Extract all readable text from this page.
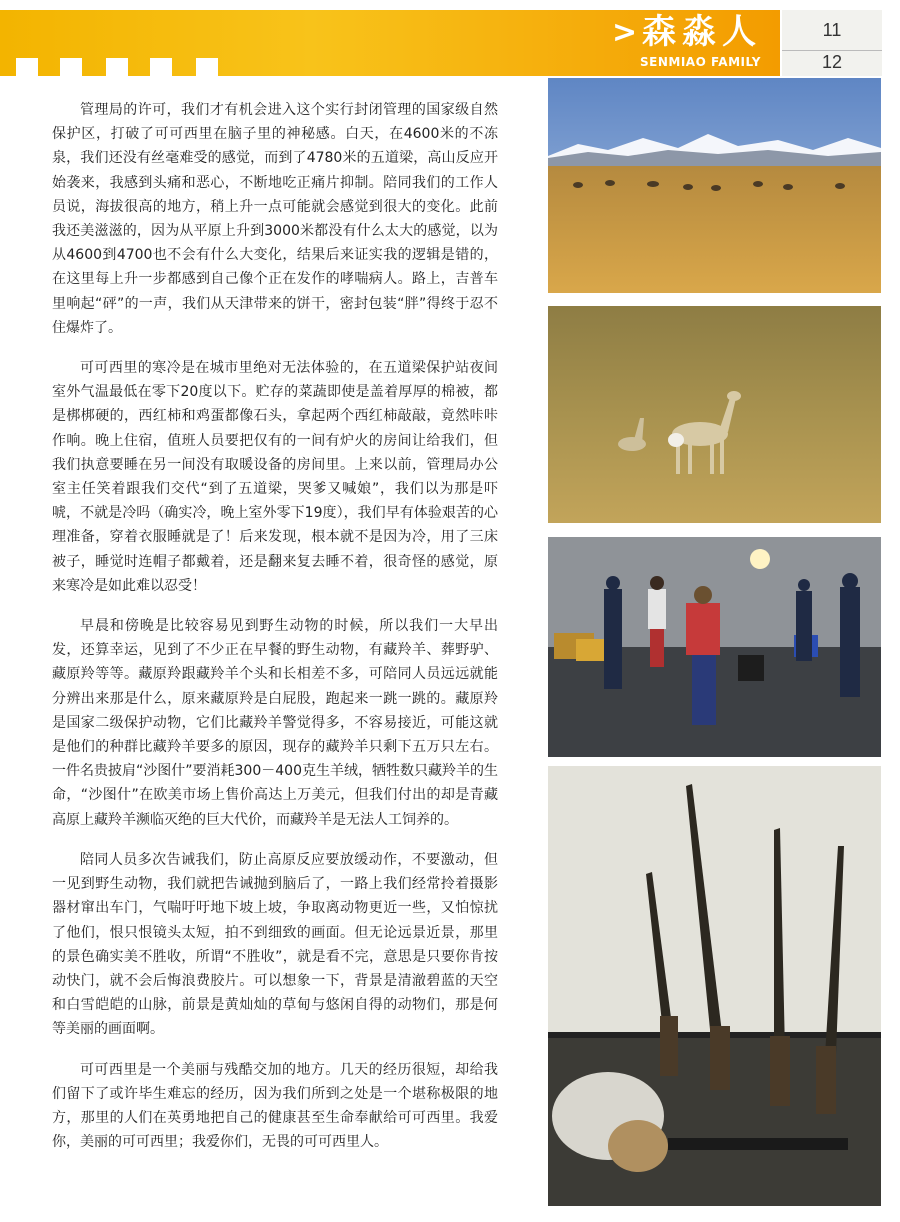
> 森淼人
SENMIAO FAMILY
11
12

管理局的许可，我们才有机会进入这个实行封闭管理的国家级自然保护区，打破了可可西里在脑子里的神秘感。白天，在4600米的不冻泉，我们还没有丝毫难受的感觉，而到了4780米的五道梁，高山反应开始袭来，我感到头痛和恶心，不断地吃正痛片抑制。陪同我们的工作人员说，海拔很高的地方，稍上升一点可能就会感觉到很大的变化。此前我还美滋滋的，因为从平原上升到3000米都没有什么太大的感觉，以为从4600到4700也不会有什么大变化，结果后来证实我的逻辑是错的，在这里每上升一步都感到自己像个正在发作的哮喘病人。路上，吉普车里响起“砰”的一声，我们从天津带来的饼干，密封包装“胖”得终于忍不住爆炸了。

可可西里的寒冷是在城市里绝对无法体验的，在五道梁保护站夜间室外气温最低在零下20度以下。贮存的菜蔬即使是盖着厚厚的棉被，都是梆梆硬的，西红柿和鸡蛋都像石头，拿起两个西红柿敲敲，竟然咔咔作响。晚上住宿，值班人员要把仅有的一间有炉火的房间让给我们，但我们执意要睡在另一间没有取暖设备的房间里。上来以前，管理局办公室主任笑着跟我们交代“到了五道梁，哭爹又喊娘”，我们以为那是吓唬，不就是冷吗（确实冷，晚上室外零下19度），我们早有体验艰苦的心理准备，穿着衣服睡就是了！后来发现，根本就不是因为冷，用了三床被子，睡觉时连帽子都戴着，还是翻来复去睡不着，很奇怪的感觉，原来寒冷是如此难以忍受！

早晨和傍晚是比较容易见到野生动物的时候，所以我们一大早出发，还算幸运，见到了不少正在早餐的野生动物，有藏羚羊、葬野驴、藏原羚等等。藏原羚跟藏羚羊个头和长相差不多，可陪同人员远远就能分辨出来那是什么，原来藏原羚是白屁股，跑起来一跳一跳的。藏原羚是国家二级保护动物，它们比藏羚羊警觉得多，不容易接近，可能这就是他们的种群比藏羚羊要多的原因，现存的藏羚羊只剩下五万只左右。一件名贵披肩“沙图什”要消耗300－400克生羊绒，牺牲数只藏羚羊的生命，“沙图什”在欧美市场上售价高达上万美元，但我们付出的却是青藏高原上藏羚羊濒临灭绝的巨大代价，而藏羚羊是无法人工饲养的。

陪同人员多次告诫我们，防止高原反应要放缓动作，不要激动，但一见到野生动物，我们就把告诫抛到脑后了，一路上我们经常拎着摄影器材窜出车门，气喘吁吁地下坡上坡，争取离动物更近一些，又怕惊扰了他们，恨只恨镜头太短，拍不到细致的画面。但无论远景近景，那里的景色确实美不胜收，所谓“不胜收”，就是看不完，意思是只要你肯按动快门，就不会后悔浪费胶片。可以想象一下，背景是清澈碧蓝的天空和白雪皑皑的山脉，前景是黄灿灿的草甸与悠闲自得的动物们，那是何等美丽的画面啊。

可可西里是一个美丽与残酷交加的地方。几天的经历很短，却给我们留下了或许毕生难忘的经历，因为我们所到之处是一个堪称极限的地方，那里的人们在英勇地把自己的健康甚至生命奉献给可可西里。我爱你，美丽的可可西里；我爱你们，无畏的可可西里人。
